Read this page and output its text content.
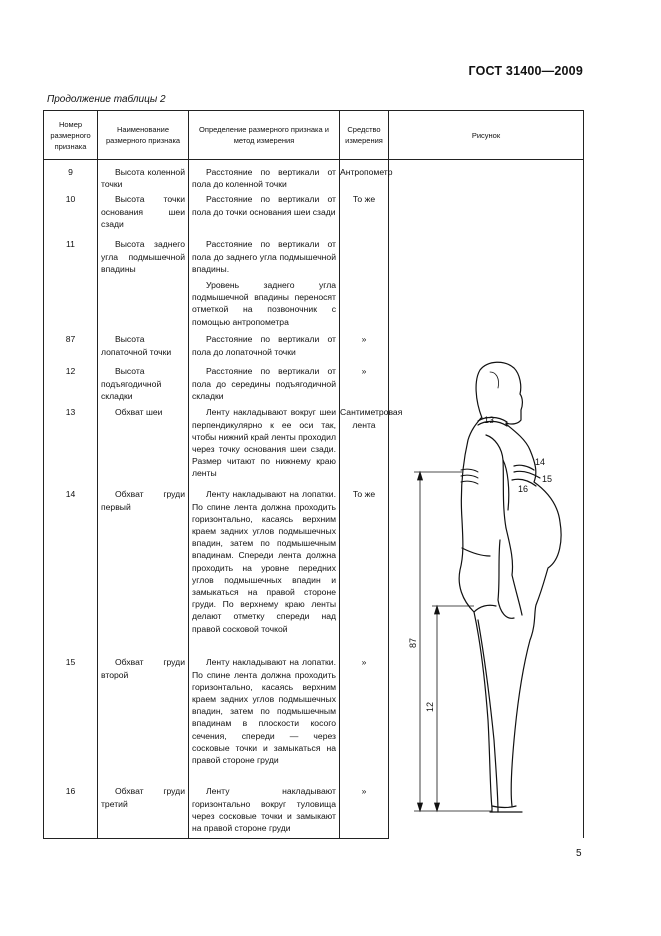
ГОСТ 31400—2009
Продолжение таблицы 2
Номер размерного признака	Наименование размерного признака	Определение размерного признака и метод измерения	Средство измерения	Рисунок
9	Высота коленной точки	Расстояние по вертикали от пола до коленной точки	Антропометр	
10	Высота точки основания шеи сзади	Расстояние по вертикали от пола до точки основания шеи сзади	То же	
11	Высота заднего угла подмышечной впадины	Расстояние по вертикали от пола до заднего угла подмышечной впадины.

Уровень заднего угла подмышечной впадины переносят отметкой на позвоночник с помощью антропометра		

87	Высота лопаточной точки	Расстояние по вертикали от пола до лопаточной точки	»	
12	Высота подъягодичной складки	Расстояние по вертикали от пола до середины подъягодичной складки	»	
13	Обхват шеи	Ленту накладывают вокруг шеи перпендикулярно к ее оси так, чтобы нижний край ленты проходил через точку основания шеи сзади. Размер читают по нижнему краю ленты	Сантиметровая лента	
14	Обхват груди первый	Ленту накладывают на лопатки. По спине лента должна проходить горизонтально, касаясь верхним краем задних углов подмышечных впадин, затем по подмышечным впадинам. Спереди лента должна проходить на уровне передних углов подмышечных впадин и замыкаться на правой стороне груди. По верхнему краю ленты делают отметку спереди над правой сосковой точкой	То же	
15	Обхват груди второй	Ленту накладывают на лопатки. По спине лента должна проходить горизонтально, касаясь верхним краем задних углов подмышечных впадин, затем по подмышечным впадинам в плоскости косого сечения, спереди — через сосковые точки и замыкаться на правой стороне груди	»	
16	Обхват груди третий	Ленту накладывают горизонтально вокруг туловища через сосковые точки и замыкают на правой стороне груди	»	
13
14
15
16
87
12
5
